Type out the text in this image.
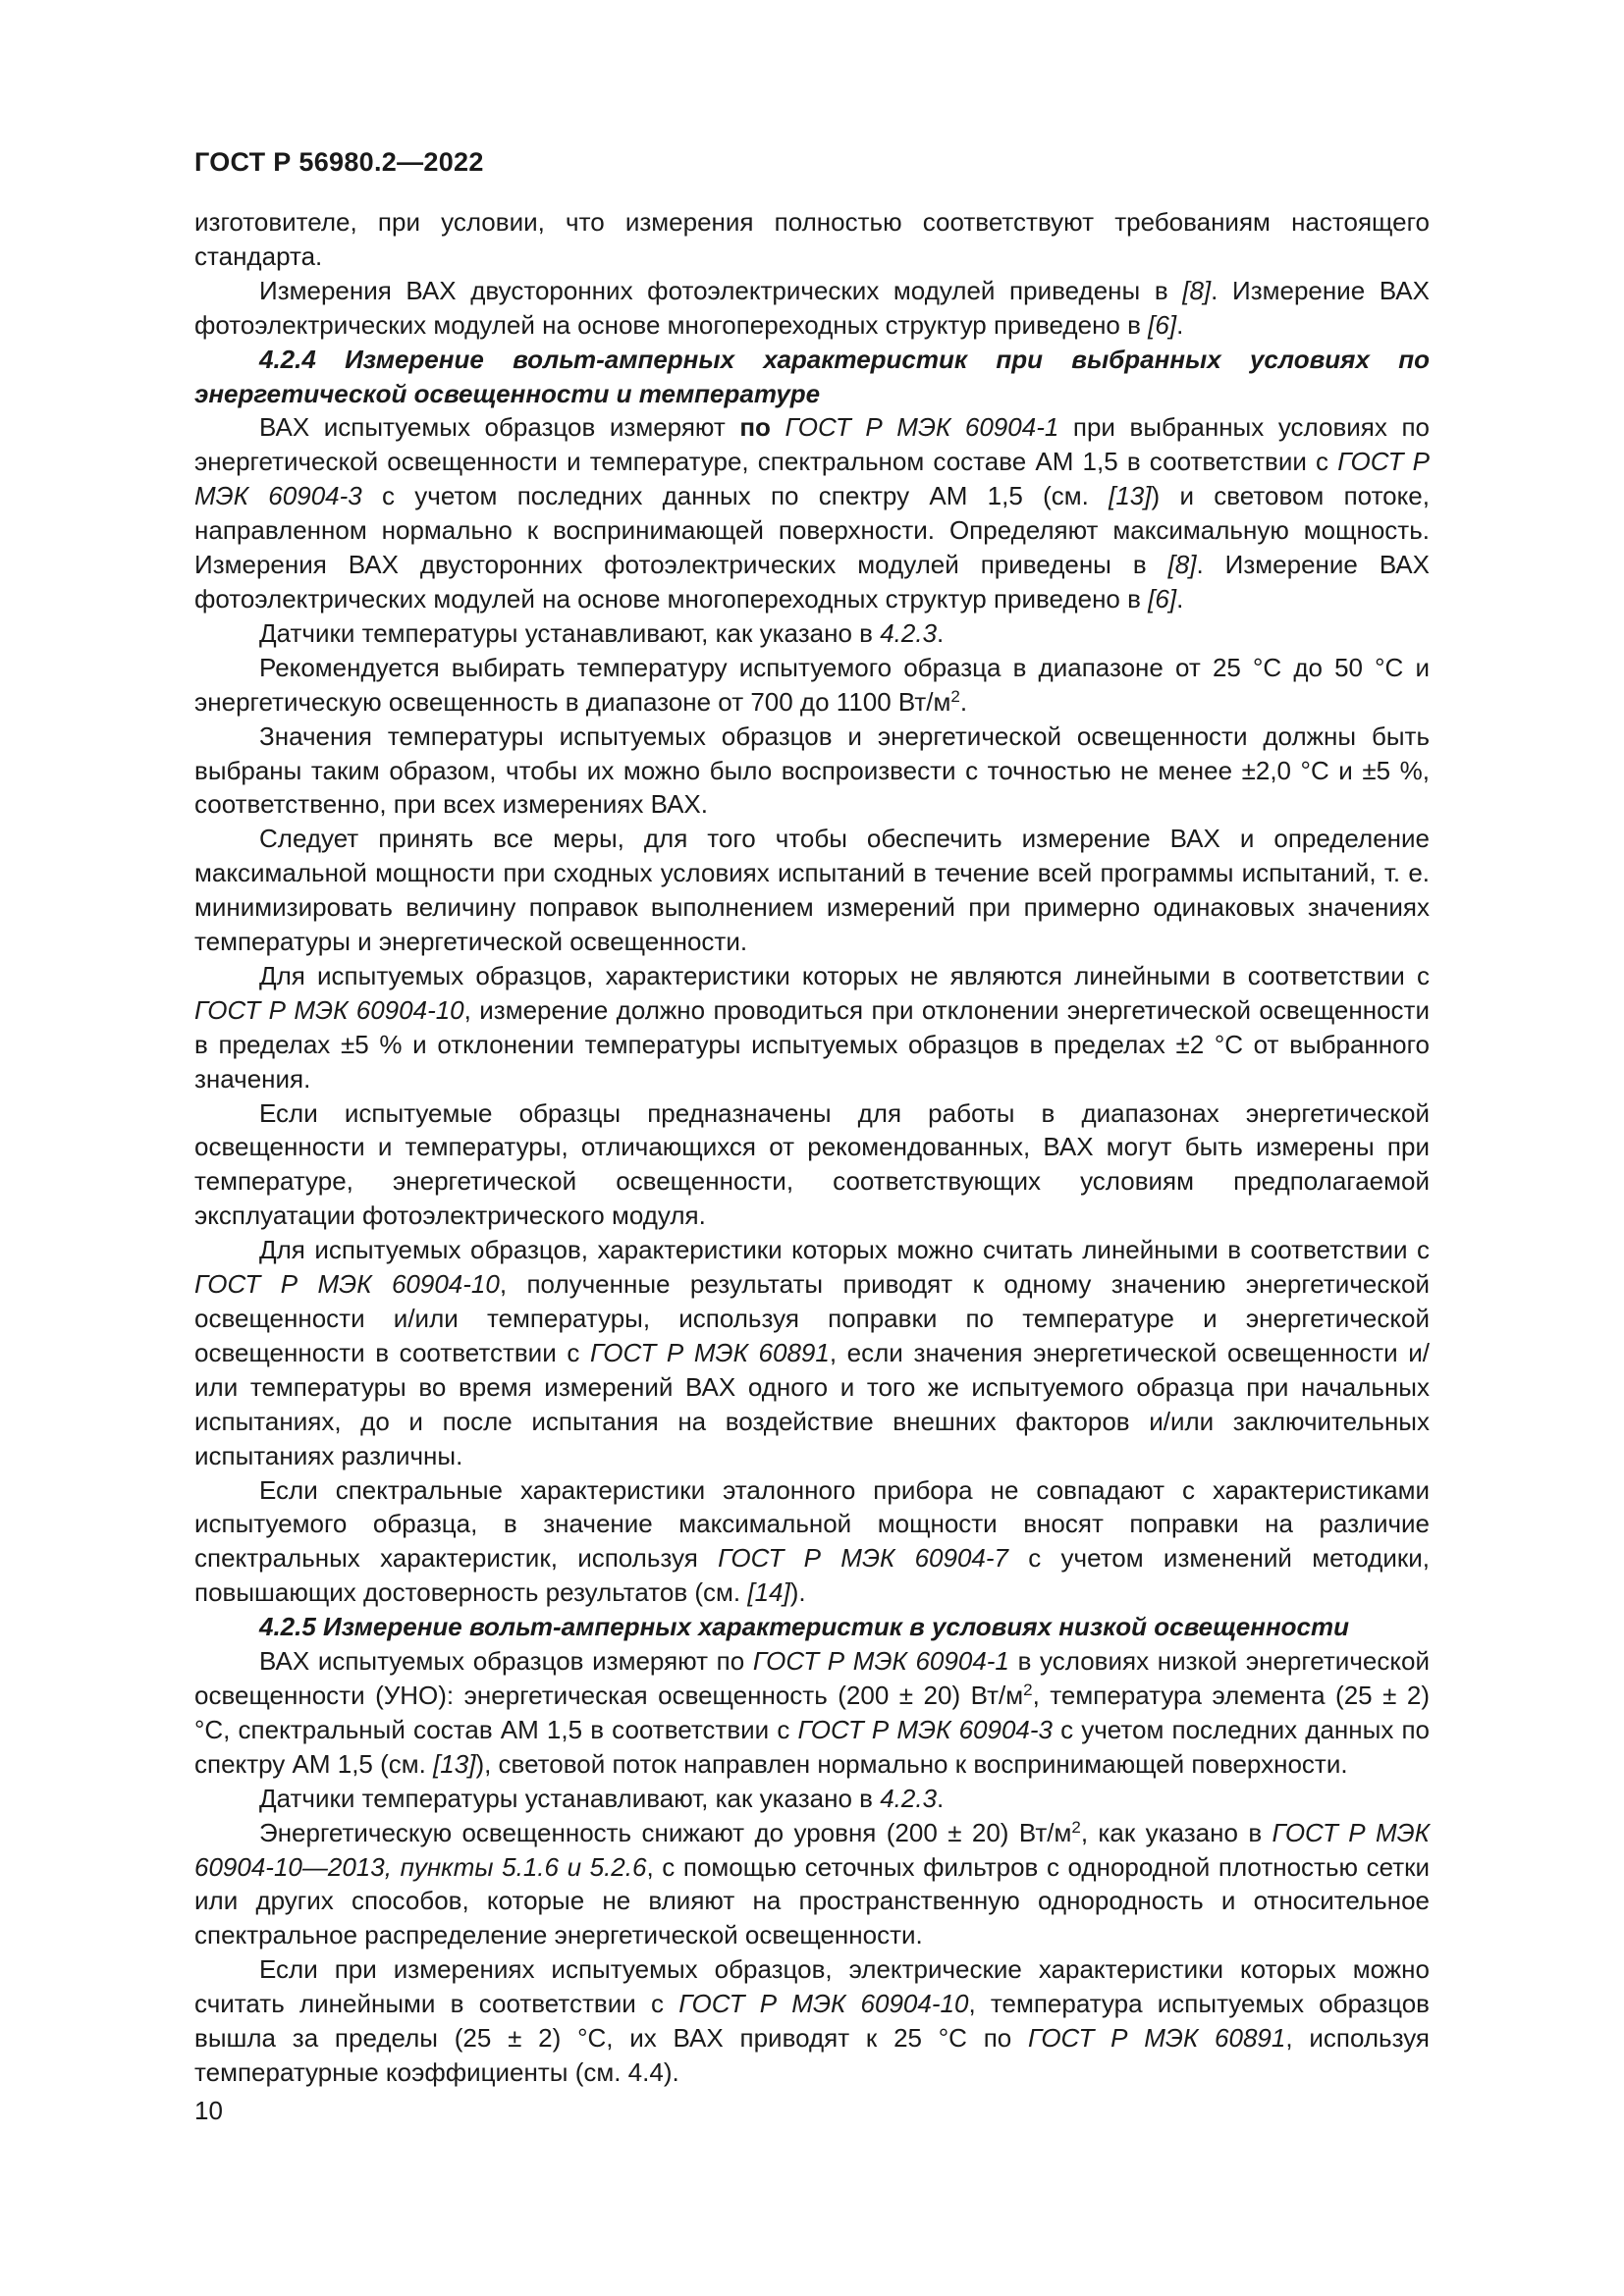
ГОСТ Р 56980.2—2022

изготовителе, при условии, что измерения полностью соответствуют требованиям настоящего стандарта.

Измерения ВАХ двусторонних фотоэлектрических модулей приведены в [8]. Измерение ВАХ фотоэлектрических модулей на основе многопереходных структур приведено в [6].

4.2.4 Измерение вольт-амперных характеристик при выбранных условиях по энергетической освещенности и температуре

ВАХ испытуемых образцов измеряют по ГОСТ Р МЭК 60904-1 при выбранных условиях по энергетической освещенности и температуре, спектральном составе АМ 1,5 в соответствии с ГОСТ Р МЭК 60904-3 с учетом последних данных по спектру АМ 1,5 (см. [13]) и световом потоке, направленном нормально к воспринимающей поверхности. Определяют максимальную мощность. Измерения ВАХ двусторонних фотоэлектрических модулей приведены в [8]. Измерение ВАХ фотоэлектрических модулей на основе многопереходных структур приведено в [6].

Датчики температуры устанавливают, как указано в 4.2.3.

Рекомендуется выбирать температуру испытуемого образца в диапазоне от 25 °С до 50 °С и энергетическую освещенность в диапазоне от 700 до 1100 $Вт/м^2$.

Значения температуры испытуемых образцов и энергетической освещенности должны быть выбраны таким образом, чтобы их можно было воспроизвести с точностью не менее ±2,0 °С и ±5 %, соответственно, при всех измерениях ВАХ.

Следует принять все меры, для того чтобы обеспечить измерение ВАХ и определение максимальной мощности при сходных условиях испытаний в течение всей программы испытаний, т. е. минимизировать величину поправок выполнением измерений при примерно одинаковых значениях температуры и энергетической освещенности.

Для испытуемых образцов, характеристики которых не являются линейными в соответствии с ГОСТ Р МЭК 60904-10, измерение должно проводиться при отклонении энергетической освещенности в пределах ±5 % и отклонении температуры испытуемых образцов в пределах ±2 °С от выбранного значения.

Если испытуемые образцы предназначены для работы в диапазонах энергетической освещенности и температуры, отличающихся от рекомендованных, ВАХ могут быть измерены при температуре, энергетической освещенности, соответствующих условиям предполагаемой эксплуатации фотоэлектрического модуля.

Для испытуемых образцов, характеристики которых можно считать линейными в соответствии с ГОСТ Р МЭК 60904-10, полученные результаты приводят к одному значению энергетической освещенности и/или температуры, используя поправки по температуре и энергетической освещенности в соответствии с ГОСТ Р МЭК 60891, если значения энергетической освещенности и/или температуры во время измерений ВАХ одного и того же испытуемого образца при начальных испытаниях, до и после испытания на воздействие внешних факторов и/или заключительных испытаниях различны.

Если спектральные характеристики эталонного прибора не совпадают с характеристиками испытуемого образца, в значение максимальной мощности вносят поправки на различие спектральных характеристик, используя ГОСТ Р МЭК 60904-7 с учетом изменений методики, повышающих достоверность результатов (см. [14]).

4.2.5 Измерение вольт-амперных характеристик в условиях низкой освещенности

ВАХ испытуемых образцов измеряют по ГОСТ Р МЭК 60904-1 в условиях низкой энергетической освещенности (УНО): энергетическая освещенность (200 ± 20) $Вт/м^2$, температура элемента (25 ± 2) °С, спектральный состав АМ 1,5 в соответствии с ГОСТ Р МЭК 60904-3 с учетом последних данных по спектру АМ 1,5 (см. [13]), световой поток направлен нормально к воспринимающей поверхности.

Датчики температуры устанавливают, как указано в 4.2.3.

Энергетическую освещенность снижают до уровня (200 ± 20) $Вт/м^2$, как указано в ГОСТ Р МЭК 60904-10—2013, пункты 5.1.6 и 5.2.6, с помощью сеточных фильтров с однородной плотностью сетки или других способов, которые не влияют на пространственную однородность и относительное спектральное распределение энергетической освещенности.

Если при измерениях испытуемых образцов, электрические характеристики которых можно считать линейными в соответствии с ГОСТ Р МЭК 60904-10, температура испытуемых образцов вышла за пределы (25 ± 2) °С, их ВАХ приводят к 25 °С по ГОСТ Р МЭК 60891, используя температурные коэффициенты (см. 4.4).

10
